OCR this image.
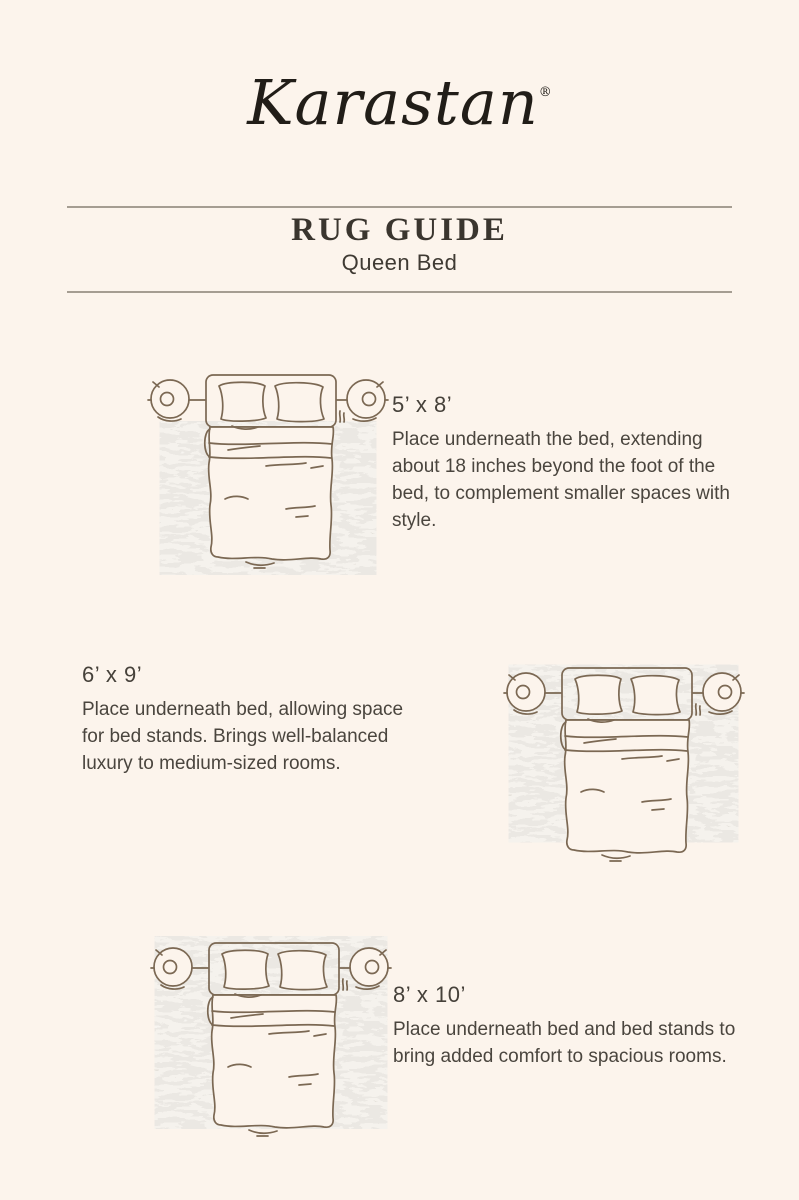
Karastan®
RUG GUIDE
Queen Bed
5’ x 8’

Place underneath the bed, extending about 18 inches beyond the foot of the bed, to complement smaller spaces with style.

6’ x 9’

Place underneath bed, allowing space for bed stands. Brings well-balanced luxury to medium-sized rooms.

8’ x 10’

Place underneath bed and bed stands to bring added comfort to spacious rooms.
